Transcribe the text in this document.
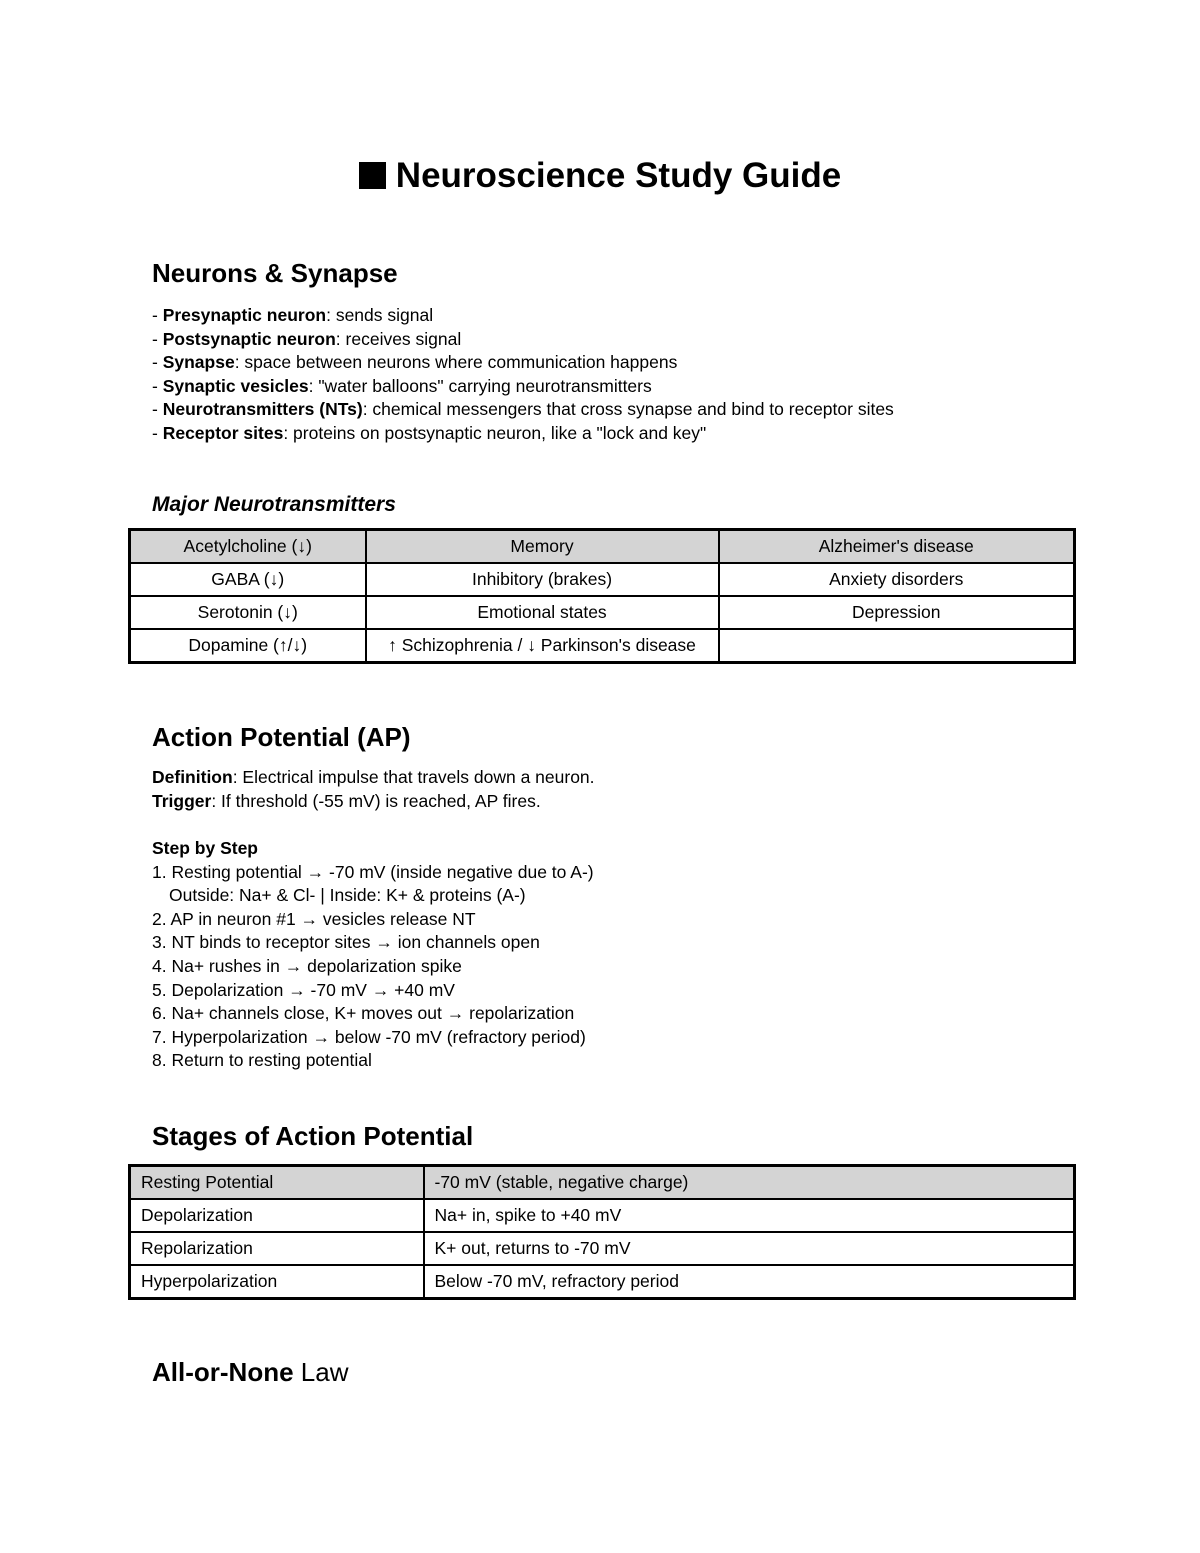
Neuroscience Study Guide
Neurons & Synapse
- Presynaptic neuron: sends signal
- Postsynaptic neuron: receives signal
- Synapse: space between neurons where communication happens
- Synaptic vesicles: "water balloons" carrying neurotransmitters
- Neurotransmitters (NTs): chemical messengers that cross synapse and bind to receptor sites
- Receptor sites: proteins on postsynaptic neuron, like a "lock and key"
Major Neurotransmitters
Acetylcholine (↓)	Memory	Alzheimer's disease
GABA (↓)	Inhibitory (brakes)	Anxiety disorders
Serotonin (↓)	Emotional states	Depression
Dopamine (↑/↓)	↑ Schizophrenia / ↓ Parkinson's disease	
Action Potential (AP)
Definition: Electrical impulse that travels down a neuron.
Trigger: If threshold (-55 mV) is reached, AP fires.
Step by Step
1. Resting potential → -70 mV (inside negative due to A-)
Outside: Na+ & Cl- | Inside: K+ & proteins (A-)
2. AP in neuron #1 → vesicles release NT
3. NT binds to receptor sites → ion channels open
4. Na+ rushes in → depolarization spike
5. Depolarization → -70 mV → +40 mV
6. Na+ channels close, K+ moves out → repolarization
7. Hyperpolarization → below -70 mV (refractory period)
8. Return to resting potential
Stages of Action Potential
Resting Potential	-70 mV (stable, negative charge)
Depolarization	Na+ in, spike to +40 mV
Repolarization	K+ out, returns to -70 mV
Hyperpolarization	Below -70 mV, refractory period
All-or-None Law
